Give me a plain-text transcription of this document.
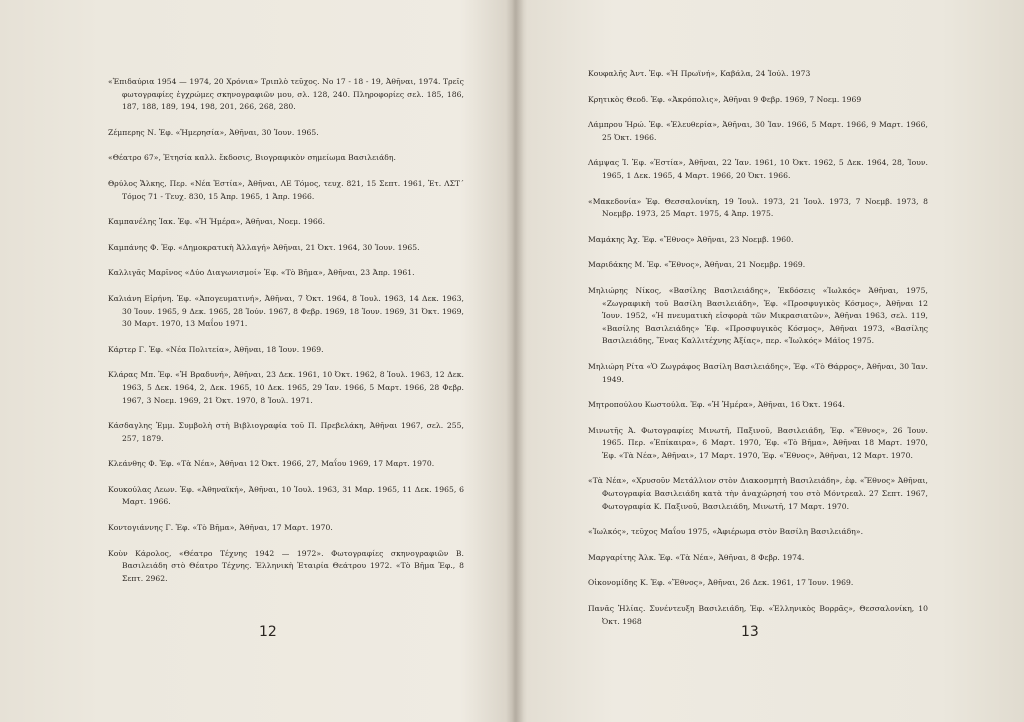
«Ἐπιδαύρια 1954 — 1974, 20 Χρόνια» Τριπλὸ τεῦχος. Νο 17 - 18 - 19, Ἀθῆναι, 1974. Τρεῖς φωτογραφίες ἐγχρώμες σκηνογραφιῶν μου, σλ. 128, 240. Πληροφορίες σελ. 185, 186, 187, 188, 189, 194, 198, 201, 266, 268, 280.
Ζέμπερης Ν. Ἐφ. «Ἡμερησία», Ἀθῆναι, 30 Ἰουν. 1965.
«Θέατρο 67», Ἐτησία καλλ. ἔκδοσις, Βιογραφικὸν σημείωμα Βασιλειάδη.
Θρύλος Ἄλκης, Περ. «Νέα Ἑστία», Ἀθῆναι, ΛΕ Τόμος, τευχ. 821, 15 Σεπτ. 1961, Ἐτ. ΛΣΤ΄ Τόμος 71 - Τευχ. 830, 15 Ἀπρ. 1965, 1 Ἀπρ. 1966.
Καμπανέλης Ἰακ. Ἐφ. «Ἡ Ἡμέρα», Ἀθῆναι, Νοεμ. 1966.
Καμπάνης Φ. Ἐφ. «Δημοκρατικὴ Ἀλλαγή» Ἀθῆναι, 21 Ὀκτ. 1964, 30 Ἰουν. 1965.
Καλλιγᾶς Μαρῖνος «Δύο Διαγωνισμοί» Ἐφ. «Τὸ Βῆμα», Ἀθῆναι, 23 Ἀπρ. 1961.
Καλιάνη Εἰρήνη. Ἐφ. «Ἀπογευματινή», Ἀθῆναι, 7 Ὀκτ. 1964, 8 Ἰουλ. 1963, 14 Δεκ. 1963, 30 Ἰουν. 1965, 9 Δεκ. 1965, 28 Ἰούν. 1967, 8 Φεβρ. 1969, 18 Ἰουν. 1969, 31 Ὀκτ. 1969, 30 Μαρτ. 1970, 13 Μαΐου 1971.
Κάρτερ Γ. Ἐφ. «Νέα Πολιτεία», Ἀθῆναι, 18 Ἰουν. 1969.
Κλάρας Μπ. Ἐφ. «Ἡ Βραδυνή», Ἀθῆναι, 23 Δεκ. 1961, 10 Ὀκτ. 1962, 8 Ἰουλ. 1963, 12 Δεκ. 1963, 5 Δεκ. 1964, 2, Δεκ. 1965, 10 Δεκ. 1965, 29 Ἰαν. 1966, 5 Μαρτ. 1966, 28 Φεβρ. 1967, 3 Νοεμ. 1969, 21 Ὀκτ. 1970, 8 Ἰουλ. 1971.
Κάσδαγλης Ἐμμ. Συμβολὴ στὴ Βιβλιογραφία τοῦ Π. Πρεβελάκη, Ἀθῆναι 1967, σελ. 255, 257, 1879.
Κλεάνθης Φ. Ἐφ. «Τὰ Νέα», Ἀθῆναι 12 Ὀκτ. 1966, 27, Μαΐου 1969, 17 Μαρτ. 1970.
Κουκούλας Λεων. Ἐφ. «Ἀθηναϊκή», Ἀθῆναι, 10 Ἰουλ. 1963, 31 Μαρ. 1965, 11 Δεκ. 1965, 6 Μαρτ. 1966.
Κοντογιάννης Γ. Ἐφ. «Τὸ Βῆμα», Ἀθῆναι, 17 Μαρτ. 1970.
Κοὺν Κάρολος, «Θέατρο Τέχνης 1942 — 1972». Φωτογραφίες σκηνογραφιῶν Β. Βασιλειάδη στὸ Θέατρο Τέχνης. Ἑλληνικὴ Ἑταιρία Θεάτρου 1972. «Τὸ Βῆμα Ἐφ., 8 Σεπτ. 2962.
12
Κουφαλῆς Ἀντ. Ἐφ. «Ἡ Πρωϊνή», Καβάλα, 24 Ἰούλ. 1973
Κρητικὸς Θεοδ. Ἐφ. «Ἀκρόπολις», Ἀθῆναι 9 Φεβρ. 1969, 7 Νοεμ. 1969
Λάμπρου Ἡρώ. Ἐφ. «Ἐλευθερία», Ἀθῆναι, 30 Ἰαν. 1966, 5 Μαρτ. 1966, 9 Μαρτ. 1966, 25 Ὀκτ. 1966.
Λάμψας Ἰ. Ἐφ. «Ἑστία», Ἀθῆναι, 22 Ἰαν. 1961, 10 Ὀκτ. 1962, 5 Δεκ. 1964, 28, Ἰουν. 1965, 1 Δεκ. 1965, 4 Μαρτ. 1966, 20 Ὀκτ. 1966.
«Μακεδονία» Ἐφ. Θεσσαλονίκη, 19 Ἰουλ. 1973, 21 Ἰουλ. 1973, 7 Νοεμβ. 1973, 8 Νοεμβρ. 1973, 25 Μαρτ. 1975, 4 Ἀπρ. 1975.
Μαμάκης Ἀχ. Ἐφ. «Ἔθνος» Ἀθῆναι, 23 Νοεμβ. 1960.
Μαριδάκης Μ. Ἐφ. «Ἔθνος», Ἀθῆναι, 21 Νοεμβρ. 1969.
Μηλιώρης Νίκος, «Βασίλης Βασιλειάδης», Ἐκδόσεις «Ἰωλκός» Ἀθῆναι, 1975, «Ζωγραφικὴ τοῦ Βασίλη Βασιλειάδη», Ἐφ. «Προσφυγικὸς Κόσμος», Ἀθῆναι 12 Ἰουν. 1952, «Ἡ πνευματικὴ εἰσφορὰ τῶν Μικρασιατῶν», Ἀθῆναι 1963, σελ. 119, «Βασίλης Βασιλειάδης» Ἐφ. «Προσφυγικὸς Κόσμος», Ἀθῆναι 1973, «Βασίλης Βασιλειάδης, Ἕνας Καλλιτέχνης Ἀξίας», περ. «Ἰωλκός» Μάϊος 1975.
Μηλιώρη Ρίτα «Ὁ Ζωγράφος Βασίλη Βασιλειάδης», Ἐφ. «Τὸ Θάρρος», Ἀθῆναι, 30 Ἰαν. 1949.
Μητροπούλου Κωστούλα. Ἐφ. «Ἡ Ἡμέρα», Ἀθῆναι, 16 Ὀκτ. 1964.
Μινωτῆς Ἀ. Φωτογραφίες Μινωτῆ, Παξινοῦ, Βασιλειάδη, Ἐφ. «Ἔθνος», 26 Ἰουν. 1965. Περ. «Ἐπίκαιρα», 6 Μαρτ. 1970, Ἐφ. «Τὸ Βῆμα», Ἀθῆναι 18 Μαρτ. 1970, Ἐφ. «Τὰ Νέα», Ἀθῆναι», 17 Μαρτ. 1970, Ἐφ. «Ἔθνος», Ἀθῆναι, 12 Μαρτ. 1970.
«Τὰ Νέα», «Χρυσοῦν Μετάλλιον στὸν Διακοσμητὴ Βασιλειάδη», ἐφ. «Ἔθνος» Ἀθῆναι, Φωτογραφία Βασιλειάδη κατὰ τὴν ἀναχώρησή του στὸ Μόντρεαλ. 27 Σεπτ. 1967, Φωτογραφία Κ. Παξινοῦ, Βασιλειάδη, Μινωτῆ, 17 Μαρτ. 1970.
«Ἰωλκός», τεῦχος Μαΐου 1975, «Ἀφιέρωμα στὸν Βασίλη Βασιλειάδη».
Μαργαρίτης Ἀλκ. Ἐφ. «Τὰ Νέα», Ἀθῆναι, 8 Φεβρ. 1974.
Οἰκονομίδης Κ. Ἐφ. «Ἔθνος», Ἀθῆναι, 26 Δεκ. 1961, 17 Ἰουν. 1969.
Πανᾶς Ἠλίας. Συνέντευξη Βασιλειάδη, Ἐφ. «Ἑλληνικὸς Βορρᾶς», Θεσσαλονίκη, 10 Ὀκτ. 1968
13
